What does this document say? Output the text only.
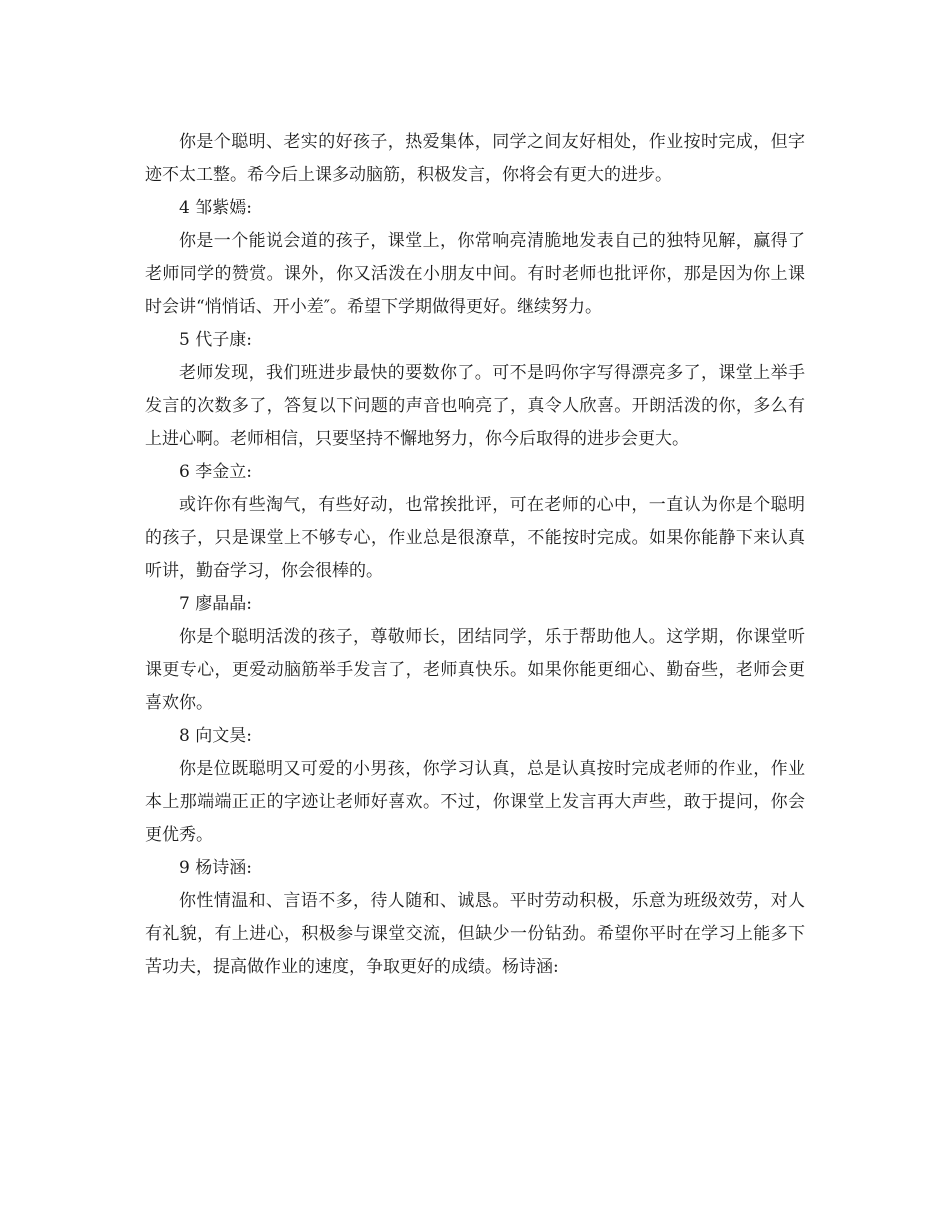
你是个聪明、老实的好孩子，热爱集体，同学之间友好相处，作业按时完成，但字迹不太工整。希今后上课多动脑筋，积极发言，你将会有更大的进步。

4 邹紫嫣:

你是一个能说会道的孩子，课堂上，你常响亮清脆地发表自己的独特见解，赢得了老师同学的赞赏。课外，你又活泼在小朋友中间。有时老师也批评你，那是因为你上课时会讲“悄悄话、开小差″。希望下学期做得更好。继续努力。

5 代子康:

老师发现，我们班进步最快的要数你了。可不是吗你字写得漂亮多了，课堂上举手发言的次数多了，答复以下问题的声音也响亮了，真令人欣喜。开朗活泼的你，多么有上进心啊。老师相信，只要坚持不懈地努力，你今后取得的进步会更大。

6 李金立:

或许你有些淘气，有些好动，也常挨批评，可在老师的心中，一直认为你是个聪明的孩子，只是课堂上不够专心，作业总是很潦草，不能按时完成。如果你能静下来认真听讲，勤奋学习，你会很棒的。

7 廖晶晶:

你是个聪明活泼的孩子，尊敬师长，团结同学，乐于帮助他人。这学期，你课堂听课更专心，更爱动脑筋举手发言了，老师真快乐。如果你能更细心、勤奋些，老师会更喜欢你。

8 向文昊:

你是位既聪明又可爱的小男孩，你学习认真，总是认真按时完成老师的作业，作业本上那端端正正的字迹让老师好喜欢。不过，你课堂上发言再大声些，敢于提问，你会更优秀。

9 杨诗涵:

你性情温和、言语不多，待人随和、诚恳。平时劳动积极，乐意为班级效劳，对人有礼貌，有上进心，积极参与课堂交流，但缺少一份钻劲。希望你平时在学习上能多下苦功夫，提高做作业的速度，争取更好的成绩。杨诗涵:
